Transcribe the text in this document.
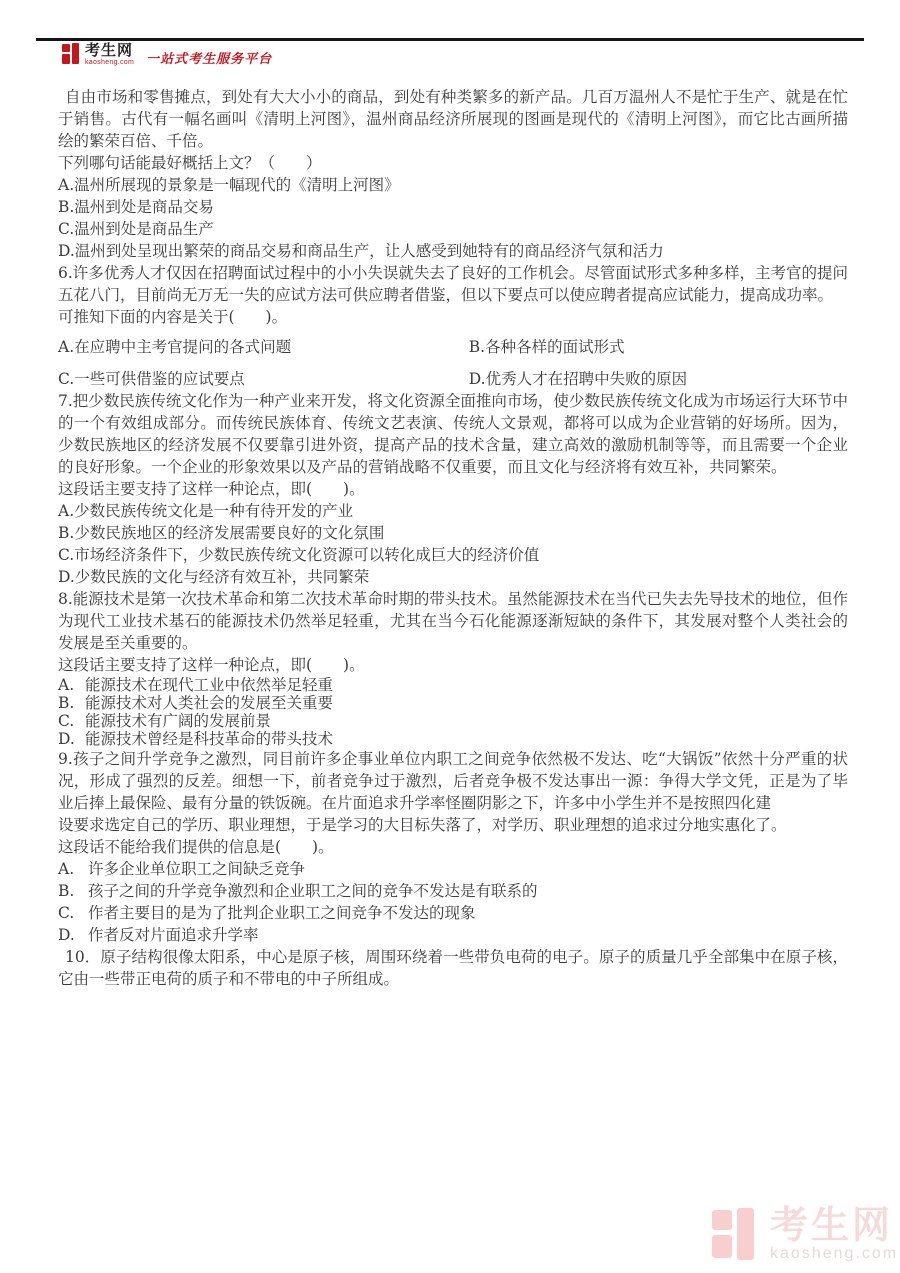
考生网
kaosheng.com 一站式考生服务平台

自由市场和零售摊点，到处有大大小小的商品，到处有种类繁多的新产品。几百万温州人不是忙于生产、就是在忙于销售。古代有一幅名画叫《清明上河图》，温州商品经济所展现的图画是现代的《清明上河图》，而它比古画所描绘的繁荣百倍、千倍。

下列哪句话能最好概括上文？（　　）

A.温州所展现的景象是一幅现代的《清明上河图》

B.温州到处是商品交易

C.温州到处是商品生产

D.温州到处呈现出繁荣的商品交易和商品生产，让人感受到她特有的商品经济气氛和活力

6.许多优秀人才仅因在招聘面试过程中的小小失误就失去了良好的工作机会。尽管面试形式多种多样，主考官的提问五花八门，目前尚无万无一失的应试方法可供应聘者借鉴，但以下要点可以使应聘者提高应试能力，提高成功率。

可推知下面的内容是关于(　　)。

A.在应聘中主考官提问的各式问题	B.各种各样的面试形式
C.一些可供借鉴的应试要点	D.优秀人才在招聘中失败的原因

7.把少数民族传统文化作为一种产业来开发，将文化资源全面推向市场，使少数民族传统文化成为市场运行大环节中的一个有效组成部分。而传统民族体育、传统文艺表演、传统人文景观，都将可以成为企业营销的好场所。因为，少数民族地区的经济发展不仅要靠引进外资，提高产品的技术含量，建立高效的激励机制等等，而且需要一个企业的良好形象。一个企业的形象效果以及产品的营销战略不仅重要，而且文化与经济将有效互补，共同繁荣。

这段话主要支持了这样一种论点，即(　　)。

A.少数民族传统文化是一种有待开发的产业

B.少数民族地区的经济发展需要良好的文化氛围

C.市场经济条件下，少数民族传统文化资源可以转化成巨大的经济价值

D.少数民族的文化与经济有效互补，共同繁荣

8.能源技术是第一次技术革命和第二次技术革命时期的带头技术。虽然能源技术在当代已失去先导技术的地位，但作为现代工业技术基石的能源技术仍然举足轻重，尤其在当今石化能源逐渐短缺的条件下，其发展对整个人类社会的发展是至关重要的。

这段话主要支持了这样一种论点，即(　　)。

A. 能源技术在现代工业中依然举足轻重

B. 能源技术对人类社会的发展至关重要

C. 能源技术有广阔的发展前景

D. 能源技术曾经是科技革命的带头技术

9.孩子之间升学竞争之激烈，同目前许多企事业单位内职工之间竞争依然极不发达、吃“大锅饭”依然十分严重的状况，形成了强烈的反差。细想一下，前者竞争过于激烈，后者竞争极不发达事出一源：争得大学文凭，正是为了毕业后捧上最保险、最有分量的铁饭碗。在片面追求升学率怪圈阴影之下，许多中小学生并不是按照四化建

设要求选定自己的学历、职业理想，于是学习的大目标失落了，对学历、职业理想的追求过分地实惠化了。

这段话不能给我们提供的信息是(　　)。

A. 许多企业单位职工之间缺乏竞争

B. 孩子之间的升学竞争激烈和企业职工之间的竞争不发达是有联系的

C. 作者主要目的是为了批判企业职工之间竞争不发达的现象

D. 作者反对片面追求升学率

10．原子结构很像太阳系，中心是原子核，周围环绕着一些带负电荷的电子。原子的质量几乎全部集中在原子核，它由一些带正电荷的质子和不带电的中子所组成。

考生网
kaosheng.com
